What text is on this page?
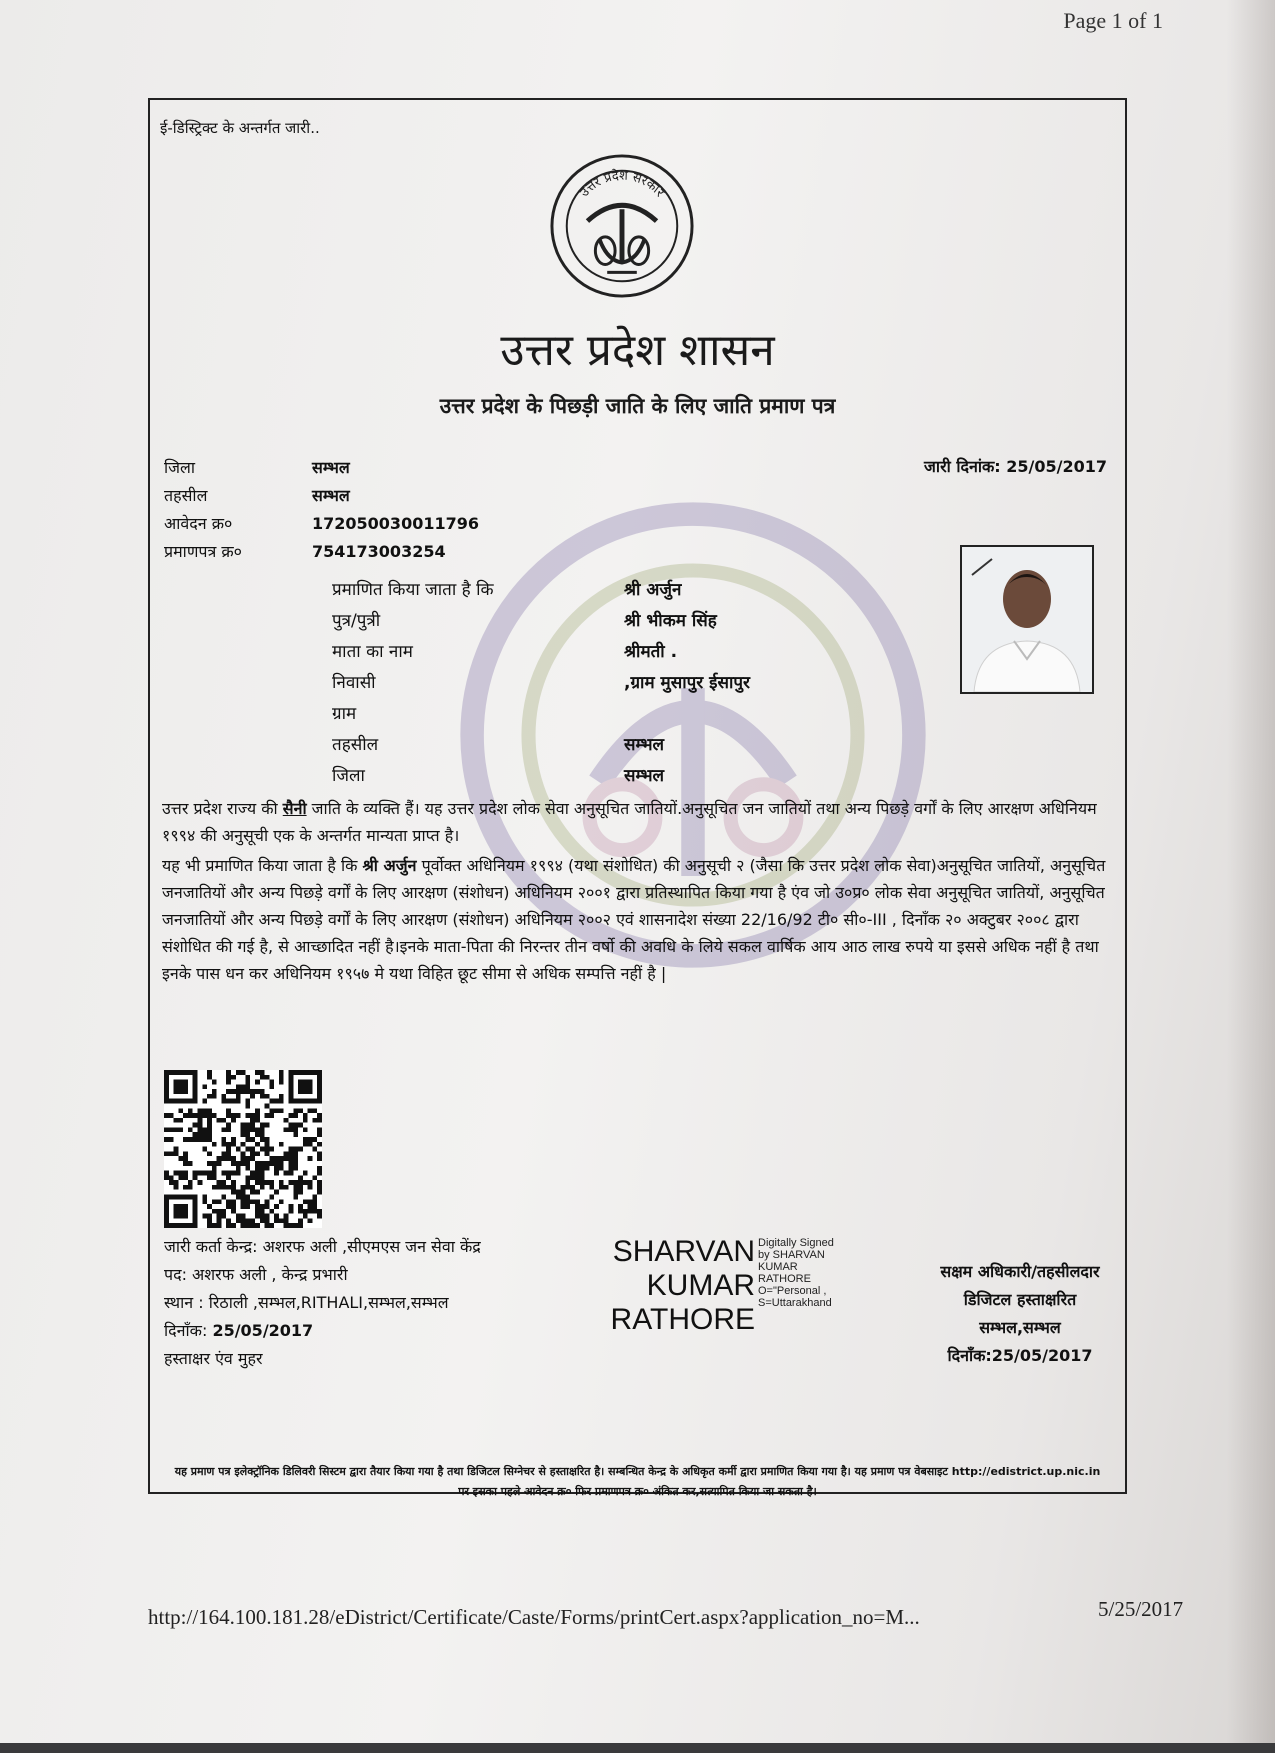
Page 1 of 1
ई-डिस्ट्रिक्ट के अन्तर्गत जारी..
उत्तर प्रदेश सरकार
उत्तर प्रदेश शासन
उत्तर प्रदेश के पिछड़ी जाति के लिए जाति प्रमाण पत्र
जिला	सम्भल
तहसील	सम्भल
आवेदन क्र०	172050030011796
प्रमाणपत्र क्र०	754173003254
जारी दिनांक: 25/05/2017
प्रमाणित किया जाता है कि	श्री अर्जुन
पुत्र/पुत्री	श्री भीकम सिंह
माता का नाम	श्रीमती .
निवासी	,ग्राम मुसापुर ईसापुर
ग्राम
तहसील	सम्भल
जिला	सम्भल
उत्तर प्रदेश राज्य की सैनी जाति के व्यक्ति हैं। यह उत्तर प्रदेश लोक सेवा अनुसूचित जातियों.अनुसूचित जन जातियों तथा अन्य पिछड़े वर्गों के लिए आरक्षण अधिनियम १९९४ की अनुसूची एक के अन्तर्गत मान्यता प्राप्त है।
यह भी प्रमाणित किया जाता है कि श्री अर्जुन पूर्वोक्त अधिनियम १९९४ (यथा संशोधित) की अनुसूची २ (जैसा कि उत्तर प्रदेश लोक सेवा)अनुसूचित जातियों, अनुसूचित जनजातियों और अन्य पिछड़े वर्गों के लिए आरक्षण (संशोधन) अधिनियम २००१ द्वारा प्रतिस्थापित किया गया है एंव जो उ०प्र० लोक सेवा अनुसूचित जातियों, अनुसूचित जनजातियों और अन्य पिछड़े वर्गों के लिए आरक्षण (संशोधन) अधिनियम २००२ एवं शासनादेश संख्या 22/16/92 टी० सी०-III , दिनाँक २० अक्टुबर २००८ द्वारा संशोधित की गई है, से आच्छादित नहीं है।इनके माता-पिता की निरन्तर तीन वर्षो की अवधि के लिये सकल वार्षिक आय आठ लाख रुपये या इससे अधिक नहीं है तथा इनके पास धन कर अधिनियम १९५७ मे यथा विहित छूट सीमा से अधिक सम्पत्ति नहीं है |
जारी कर्ता केन्द्र: अशरफ अली ,सीएमएस जन सेवा केंद्र
पद: अशरफ अली , केन्द्र प्रभारी
स्थान : रिठाली ,सम्भल,RITHALI,सम्भल,सम्भल
दिनाँक: 25/05/2017
हस्ताक्षर एंव मुहर
SHARVAN
KUMAR
RATHORE
Digitally Signed
by SHARVAN
KUMAR
RATHORE
O="Personal ,
S=Uttarakhand
सक्षम अधिकारी/तहसीलदार
डिजिटल हस्ताक्षरित
सम्भल,सम्भल
दिनाँक:25/05/2017
यह प्रमाण पत्र इलेक्ट्रॉनिक डिलिवरी सिस्टम द्वारा तैयार किया गया है तथा डिजिटल सिग्नेचर से हस्ताक्षरित है। सम्बन्धित केन्द्र के अधिकृत कर्मी द्वारा प्रमाणित किया गया है। यह प्रमाण पत्र वेबसाइट http://edistrict.up.nic.in पर इसका पहले आवेदन क्र० फिर प्रमाणपत्र क्र० अंकित कर,सत्यापित किया जा सकता है।
http://164.100.181.28/eDistrict/Certificate/Caste/Forms/printCert.aspx?application_no=M...	5/25/2017
